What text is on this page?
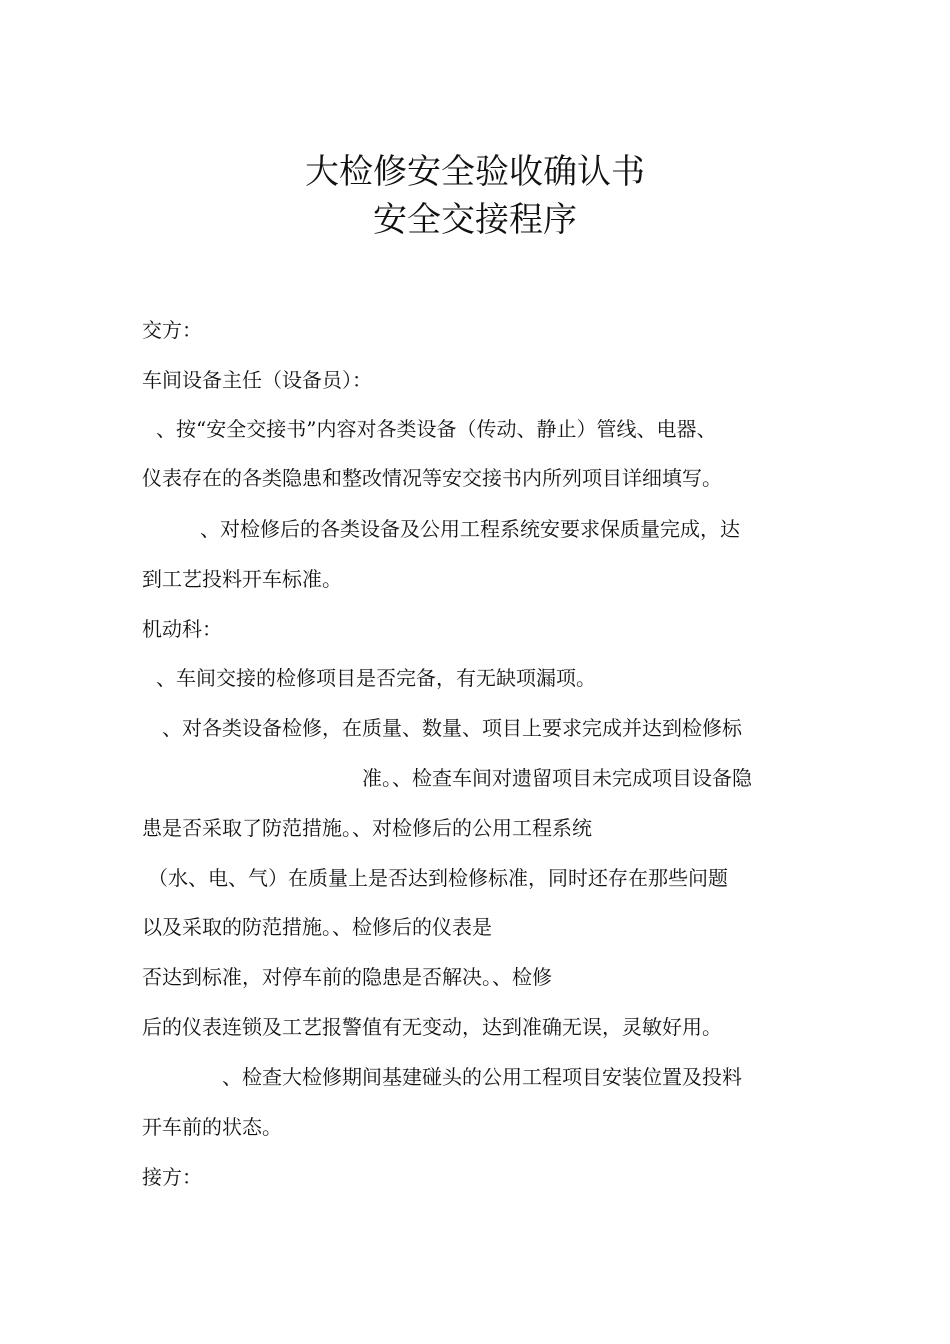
大检修安全验收确认书
安全交接程序
交方：
车间设备主任（设备员）：
、按“安全交接书”内容对各类设备（传动、静止）管线、电器、
仪表存在的各类隐患和整改情况等安交接书内所列项目详细填写。
、对检修后的各类设备及公用工程系统安要求保质量完成，达
到工艺投料开车标准。
机动科：
、车间交接的检修项目是否完备，有无缺项漏项。
、对各类设备检修，在质量、数量、项目上要求完成并达到检修标
准。、检查车间对遗留项目未完成项目设备隐
患是否采取了防范措施。、对检修后的公用工程系统
（水、电、气）在质量上是否达到检修标准，同时还存在那些问题
以及采取的防范措施。、检修后的仪表是
否达到标准，对停车前的隐患是否解决。、检修
后的仪表连锁及工艺报警值有无变动，达到准确无误，灵敏好用。
、检查大检修期间基建碰头的公用工程项目安装位置及投料
开车前的状态。
接方：
